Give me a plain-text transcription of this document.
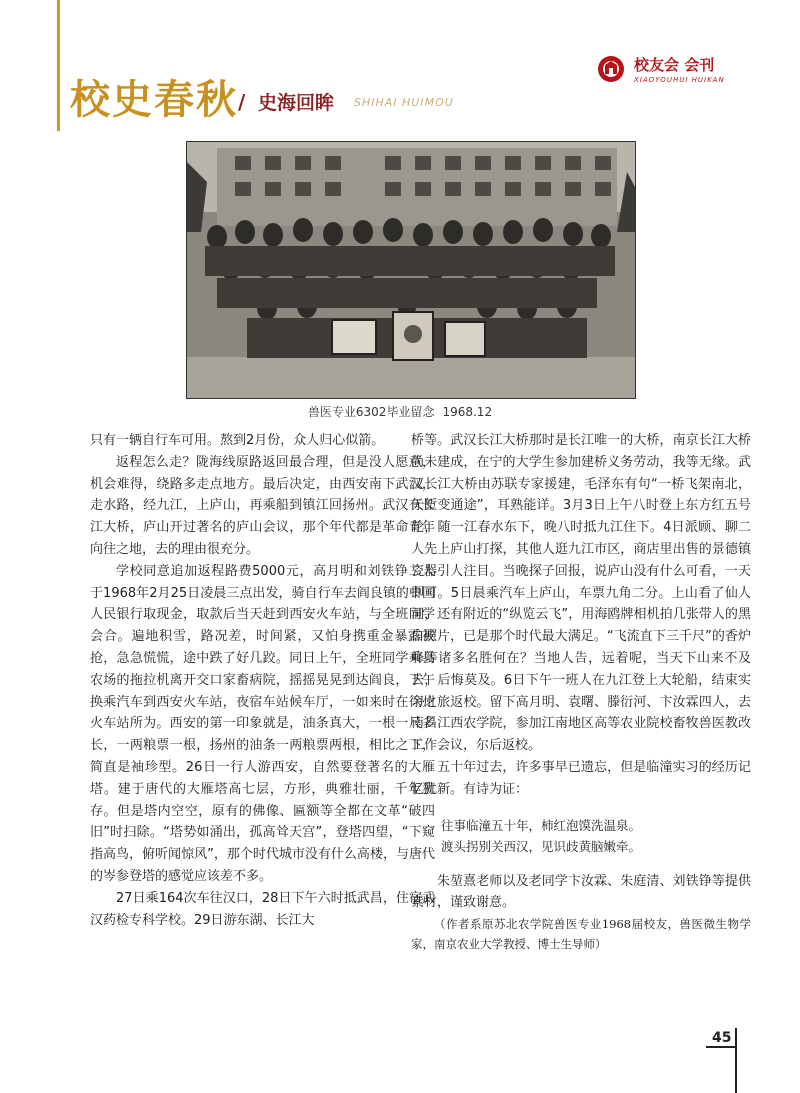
校史春秋 / 史海回眸 SHIHAI HUIMOU
校友会 会刊
XIAOYOUHUI HUIKAN
兽医专业6302毕业留念 1968.12

只有一辆自行车可用。熬到2月份，众人归心似箭。

返程怎么走？陇海线原路返回最合理，但是没人愿意，机会难得，绕路多走点地方。最后决定，由西安南下武汉，走水路，经九江，上庐山，再乘船到镇江回扬州。武汉有长江大桥，庐山开过著名的庐山会议，那个年代都是革命青年向往之地，去的理由很充分。

学校同意追加返程路费5000元，高月明和刘铁铮二人于1968年2月25日凌晨三点出发，骑自行车去阎良镇的中国人民银行取现金，取款后当天赶到西安火车站，与全班同学会合。遍地积雪，路况差，时间紧，又怕身携重金暴露被抢，急急慌慌，途中跌了好几跤。同日上午，全班同学乘县农场的拖拉机离开交口家畜病院，摇摇晃晃到达阎良，下午换乘汽车到西安火车站，夜宿车站候车厅，一如来时在徐州火车站所为。西安的第一印象就是，油条真大，一根一尺多长，一两粮票一根，扬州的油条一两粮票两根，相比之下，简直是袖珍型。26日一行人游西安，自然要登著名的大雁塔。建于唐代的大雁塔高七层，方形，典雅壮丽，千年犹存。但是塔内空空，原有的佛像、匾额等全都在文革“破四旧”时扫除。“塔势如涌出，孤高耸天宫”，登塔四望，“下窥指高鸟，俯听闻惊风”，那个时代城市没有什么高楼，与唐代的岑参登塔的感觉应该差不多。

27日乘164次车往汉口，28日下午六时抵武昌，住宿武汉药检专科学校。29日游东湖、长江大

桥等。武汉长江大桥那时是长江唯一的大桥，南京长江大桥尚未建成，在宁的大学生参加建桥义务劳动，我等无缘。武汉长江大桥由苏联专家援建，毛泽东有句“一桥飞架南北，天堑变通途”，耳熟能详。3月3日上午八时登上东方红五号轮，随一江春水东下，晚八时抵九江住下。4日派顾、聊二人先上庐山打探，其他人逛九江市区，商店里出售的景德镇瓷器引人注目。当晚探子回报，说庐山没有什么可看，一天即可。5日晨乘汽车上庐山，车票九角二分。上山看了仙人洞，还有附近的“纵览云飞”，用海鸥牌相机拍几张带人的黑白照片，已是那个时代最大满足。“飞流直下三千尺”的香炉峰等诸多名胜何在？当地人告，远着呢，当天下山来不及去，后悔莫及。6日下午一班人在九江登上大轮船，结束实习之旅返校。留下高月明、袁曙、滕衍河、卞汝霖四人，去南昌江西农学院，参加江南地区高等农业院校畜牧兽医教改工作会议，尔后返校。

五十年过去，许多事早已遗忘，但是临潼实习的经历记忆犹新。有诗为证：

往事临潼五十年，柿红泡馍洗温泉。
渡头拐别关西汉，见识歧黄脑嫩牵。

朱堃熹老师以及老同学卞汝霖、朱庭清、刘铁铮等提供素材，谨致谢意。

（作者系原苏北农学院兽医专业1968届校友，兽医微生物学家，南京农业大学教授、博士生导师）

45
